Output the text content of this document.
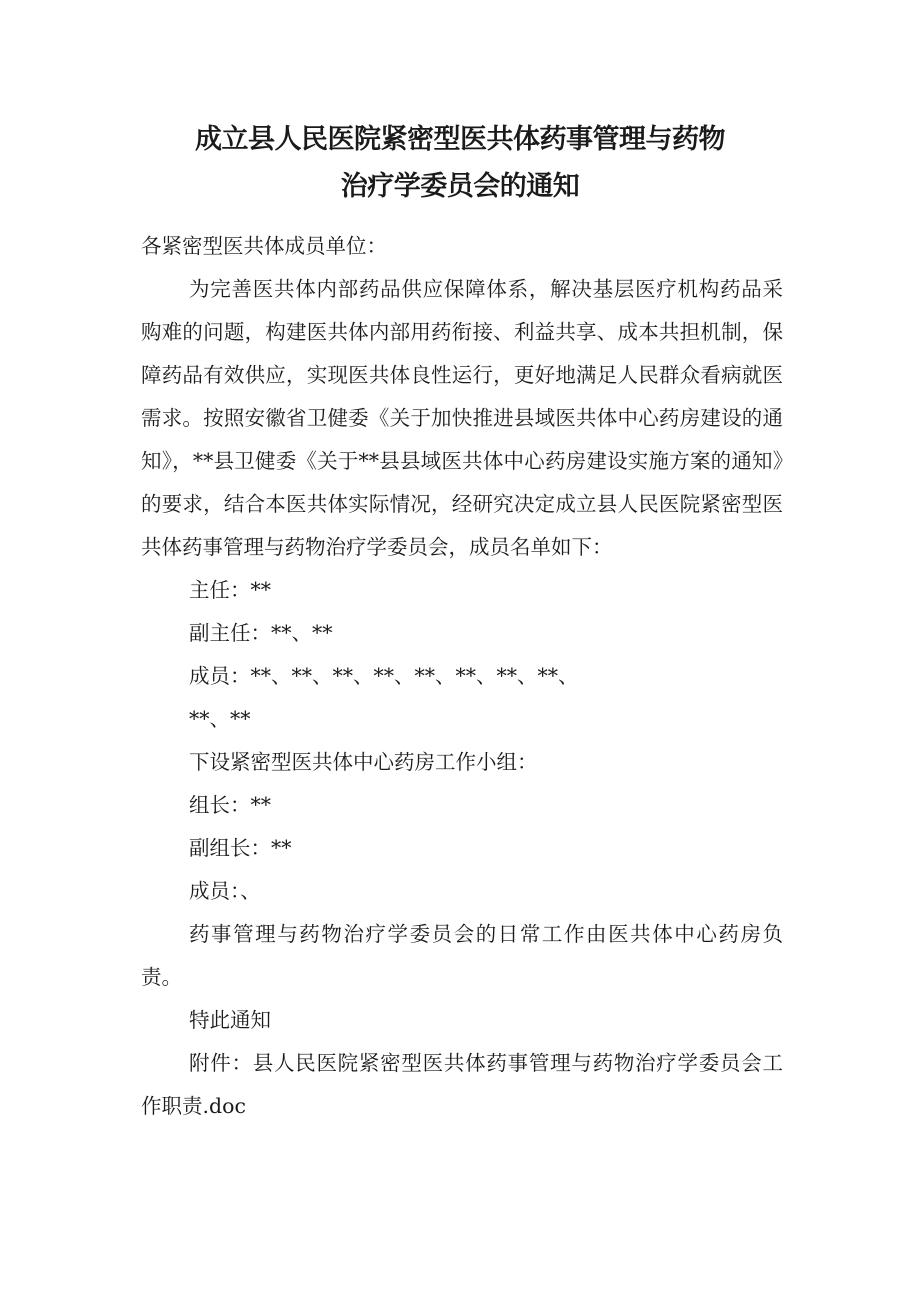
成立县人民医院紧密型医共体药事管理与药物
治疗学委员会的通知

各紧密型医共体成员单位：

为完善医共体内部药品供应保障体系，解决基层医疗机构药品采购难的问题，构建医共体内部用药衔接、利益共享、成本共担机制，保障药品有效供应，实现医共体良性运行，更好地满足人民群众看病就医需求。按照安徽省卫健委《关于加快推进县域医共体中心药房建设的通知》，**县卫健委《关于**县县域医共体中心药房建设实施方案的通知》的要求，结合本医共体实际情况，经研究决定成立县人民医院紧密型医共体药事管理与药物治疗学委员会，成员名单如下：

主任：**

副主任：**、**

成员：**、**、**、**、**、**、**、**、

**、**

下设紧密型医共体中心药房工作小组：

组长：**

副组长：**

成员：、

药事管理与药物治疗学委员会的日常工作由医共体中心药房负责。

特此通知

附件：县人民医院紧密型医共体药事管理与药物治疗学委员会工作职责.doc
